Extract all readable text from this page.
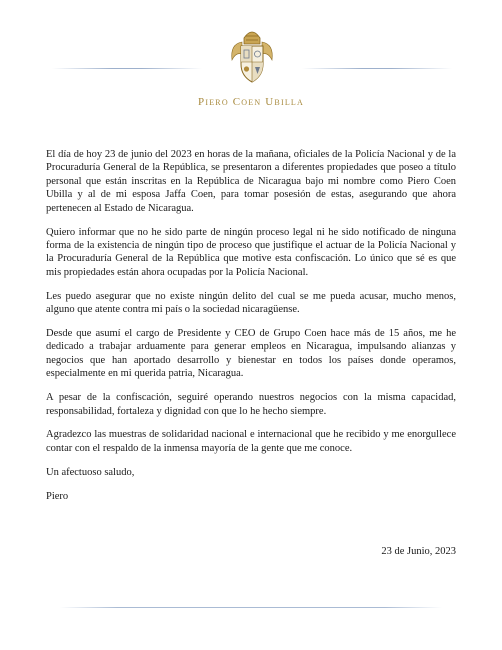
Piero Coen Ubilla

El día de hoy 23 de junio del 2023 en horas de la mañana, oficiales de la Policía Nacional y de la Procuraduría General de la República, se presentaron a diferentes propiedades que poseo a título personal que están inscritas en la República de Nicaragua bajo mi nombre como Piero Coen Ubilla y al de mi esposa Jaffa Coen, para tomar posesión de estas, asegurando que ahora pertenecen al Estado de Nicaragua.

Quiero informar que no he sido parte de ningún proceso legal ni he sido notificado de ninguna forma de la existencia de ningún tipo de proceso que justifique el actuar de la Policía Nacional y la Procuraduría General de la República que motive esta confiscación. Lo único que sé es que mis propiedades están ahora ocupadas por la Policía Nacional.

Les puedo asegurar que no existe ningún delito del cual se me pueda acusar, mucho menos, alguno que atente contra mi país o la sociedad nicaragüense.

Desde que asumí el cargo de Presidente y CEO de Grupo Coen hace más de 15 años, me he dedicado a trabajar arduamente para generar empleos en Nicaragua, impulsando alianzas y negocios que han aportado desarrollo y bienestar en todos los países donde operamos, especialmente en mi querida patria, Nicaragua.

A pesar de la confiscación, seguiré operando nuestros negocios con la misma capacidad, responsabilidad, fortaleza y dignidad con que lo he hecho siempre.

Agradezco las muestras de solidaridad nacional e internacional que he recibido y me enorgullece contar con el respaldo de la inmensa mayoría de la gente que me conoce.

Un afectuoso saludo,

Piero

23 de Junio, 2023
